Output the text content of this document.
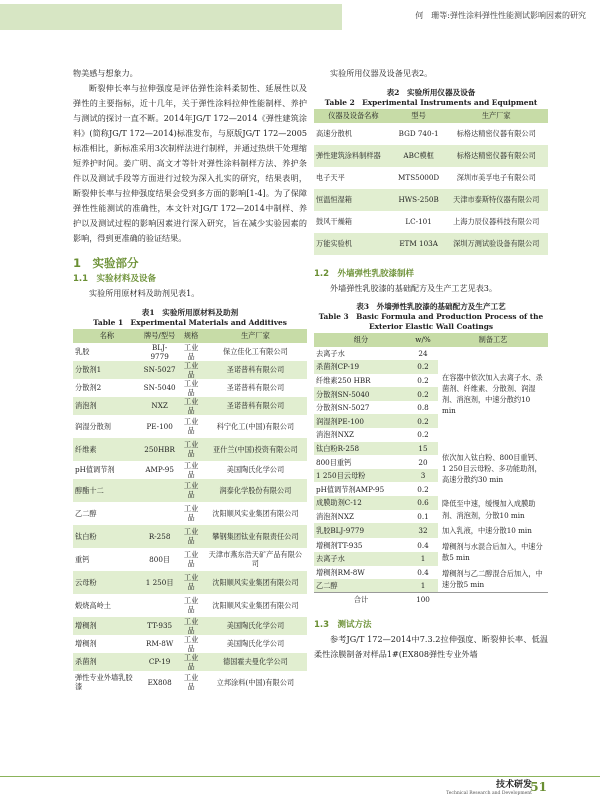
何　珊等:弹性涂料弹性性能测试影响因素的研究

物美感与想象力。

断裂伸长率与拉伸强度是评估弹性涂料柔韧性、延展性以及弹性的主要指标，近十几年，关于弹性涂料拉伸性能制样、养护与测试的探讨一直不断。2014年JG/T 172—2014《弹性建筑涂料》(简称JG/T 172—2014)标准发布，与原版JG/T 172—2005标准相比，新标准采用3次制样法进行制样，并通过热烘干处理缩短养护时间。姜广明、高文才等针对弹性涂料制样方法、养护条件以及测试手段等方面进行过较为深入扎实的研究，结果表明，断裂伸长率与拉伸强度结果会受到多方面的影响[1-4]。为了保障弹性性能测试的准确性，本文针对JG/T 172—2014中制样、养护以及测试过程的影响因素进行深入研究，旨在减少实验因素的影响，得到更准确的验证结果。

1　实验部分
1.1　实验材料及设备

实验所用原材料及助剂见表1。

表1　实验所用原材料及助剂
Table 1　Experimental Materials and Additives
名称	牌号/型号	规格	生产厂家
乳胶	BLJ-9779	工业品	保立佳化工有限公司
分散剂1	SN-5027	工业品	圣诺普科有限公司
分散剂2	SN-5040	工业品	圣诺普科有限公司
消泡剂	NXZ	工业品	圣诺普科有限公司
润湿分散剂	PE-100	工业品	科宁化工(中国)有限公司
纤维素	250HBR	工业品	亚什兰(中国)投资有限公司
pH值调节剂	AMP-95	工业品	美国陶氏化学公司
醇酯十二		工业品	润泰化学股份有限公司
乙二醇		工业品	沈阳顺风实业集团有限公司
钛白粉	R-258	工业品	攀钢集团钛业有限责任公司
重钙	800目	工业品	天津市燕东浩天矿产品有限公司
云母粉	1 250目	工业品	沈阳顺风实业集团有限公司
煅烧高岭土		工业品	沈阳顺风实业集团有限公司
增稠剂	TT-935	工业品	美国陶氏化学公司
增稠剂	RM-8W	工业品	美国陶氏化学公司
杀菌剂	CP-19	工业品	德国霍夫曼化学公司
弹性专业外墙乳胶漆	EX808	工业品	立邦涂料(中国)有限公司

实验所用仪器及设备见表2。

表2　实验所用仪器及设备
Table 2　Experimental Instruments and Equipment
仪器及设备名称	型号	生产厂家
高速分散机	BGD 740-1	标格达精密仪器有限公司
弹性建筑涂料制样器	ABC模框	标格达精密仪器有限公司
电子天平	MTS5000D	深圳市美孚电子有限公司
恒温恒湿箱	HWS-250B	天津市泰斯特仪器有限公司
鼓风干燥箱	LC-101	上海力辰仪器科技有限公司
万能实验机	ETM 103A	深圳万测试验设备有限公司
1.2　外墙弹性乳胶漆制样

外墙弹性乳胶漆的基础配方及生产工艺见表3。

表3　外墙弹性乳胶漆的基础配方及生产工艺
Table 3　Basic Formula and Production Process of the
Exterior Elastic Wall Coatings
组分	w/%	制备工艺
去离子水	24	在容器中依次加入去离子水、杀菌剂、纤维素、分散剂、润湿剂、消泡剂，中速分散约10 min
杀菌剂CP-19	0.2	
纤维素250 HBR	0.2	
分散剂SN-5040	0.2	
分散剂SN-5027	0.8	
润湿剂PE-100	0.2	
消泡剂NXZ	0.2	
钛白粉R-258	15	依次加入钛白粉、800目重钙、1 250目云母粉、多功能助剂，高速分散约30 min
800目重钙	20	
1 250目云母粉	3	
pH值调节剂AMP-95	0.2	
成膜助剂C-12	0.6	降低至中速，缓慢加入成膜助剂、消泡剂，分散10 min
消泡剂NXZ	0.1	
乳胶BLJ-9779	32	加入乳液，中速分散10 min
增稠剂TT-935	0.4	增稠剂与水混合后加入，中速分散5 min
去离子水	1	
增稠剂RM-8W	0.4	增稠剂与乙二醇混合后加入，中速分散5 min
乙二醇	1	
合计	100	
1.3　测试方法

参考JG/T 172—2014中7.3.2拉伸强度、断裂伸长率、低温柔性涂膜制备对样品1#(EX808弹性专业外墙

技术研发
Technical Research and Development
51
